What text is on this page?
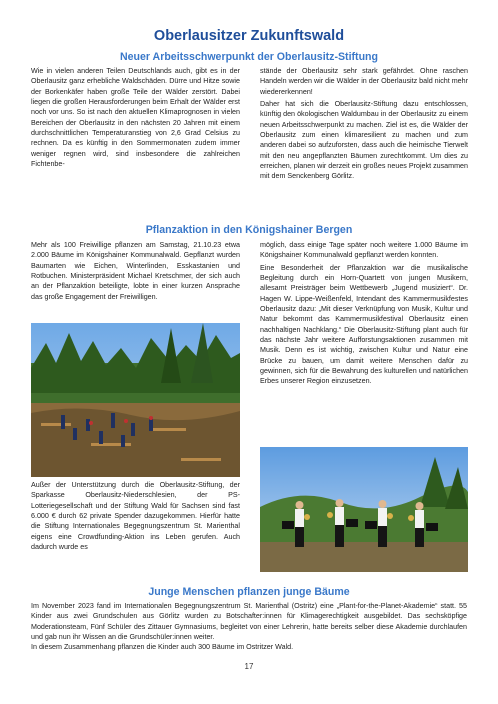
Oberlausitzer Zukunftswald
Neuer Arbeitsschwerpunkt der Oberlausitz-Stiftung

Wie in vielen anderen Teilen Deutschlands auch, gibt es in der Oberlausitz ganz erhebliche Waldschäden. Dürre und Hitze sowie der Borkenkäfer haben große Teile der Wälder zerstört. Dabei liegen die großen Herausforderungen beim Erhalt der Wälder erst noch vor uns. So ist nach den aktuellen Klimaprognosen in vielen Bereichen der Oberlausitz in den nächsten 20 Jahren mit einem durchschnittlichen Temperaturanstieg von 2,6 Grad Celsius zu rechnen. Da es künftig in den Sommermonaten zudem immer weniger regnen wird, sind insbesondere die zahlreichen Fichtenbe-

stände der Oberlausitz sehr stark gefährdet. Ohne raschen Handeln werden wir die Wälder in der Oberlausitz bald nicht mehr wiedererkennen!

Daher hat sich die Oberlausitz-Stiftung dazu entschlossen, künftig den ökologischen Waldumbau in der Oberlausitz zu einem neuen Arbeitsschwerpunkt zu machen. Ziel ist es, die Wälder der Oberlausitz zum einen klimaresilient zu machen und zum anderen dabei so aufzuforsten, dass auch die heimische Tierwelt mit den neu angepflanzten Bäumen zurechtkommt. Um dies zu erreichen, planen wir derzeit ein großes neues Projekt zusammen mit dem Senckenberg Görlitz.

Pflanzaktion in den Königshainer Bergen

Mehr als 100 Freiwillige pflanzen am Samstag, 21.10.23 etwa 2.000 Bäume im Königshainer Kommunalwald. Gepflanzt wurden Baumarten wie Eichen, Winterlinden, Esskastanien und Rotbuchen. Ministerpräsident Michael Kretschmer, der sich auch an der Pflanzaktion beteiligte, lobte in einer kurzen Ansprache das große Engagement der Freiwilligen.

Außer der Unterstützung durch die Oberlausitz-Stiftung, der Sparkasse Oberlausitz-Niederschlesien, der PS-Lotteriegesellschaft und der Stiftung Wald für Sachsen sind fast 6.000 € durch 62 private Spender dazugekommen. Hierfür hatte die Stiftung Internationales Begegnungszentrum St. Marienthal eigens eine Crowdfunding-Aktion ins Leben gerufen. Auch dadurch wurde es

möglich, dass einige Tage später noch weitere 1.000 Bäume im Königshainer Kommunalwald gepflanzt werden konnten.

Eine Besonderheit der Pflanzaktion war die musikalische Begleitung durch ein Horn-Quartett von jungen Musikern, allesamt Preisträger beim Wettbewerb „Jugend musiziert“. Dr. Hagen W. Lippe-Weißenfeld, Intendant des Kammermusikfestes Oberlausitz dazu: „Mit dieser Verknüpfung von Musik, Kultur und Natur bekommt das Kammermusikfestival Oberlausitz einen nachhaltigen Nachklang.“ Die Oberlausitz-Stiftung plant auch für das nächste Jahr weitere Aufforstungsaktionen zusammen mit Musik. Denn es ist wichtig, zwischen Kultur und Natur eine Brücke zu bauen, um damit weitere Menschen dafür zu gewinnen, sich für die Bewahrung des kulturellen und natürlichen Erbes unserer Region einzusetzen.

Junge Menschen pflanzen junge Bäume

Im November 2023 fand im Internationalen Begegnungszentrum St. Marienthal (Ostritz) eine „Plant-for-the-Planet-Akademie“ statt. 55 Kinder aus zwei Grundschulen aus Görlitz wurden zu Botschafter:innen für Klimagerechtigkeit ausgebildet. Das sechsköpfige Moderationsteam, Fünf Schüler des Zittauer Gymnasiums, begleitet von einer Lehrerin, hatte bereits selber diese Akademie durchlaufen und gab nun ihr Wissen an die Grundschüler:innen weiter.

In diesem Zusammenhang pflanzen die Kinder auch 300 Bäume im Ostritzer Wald.

17
